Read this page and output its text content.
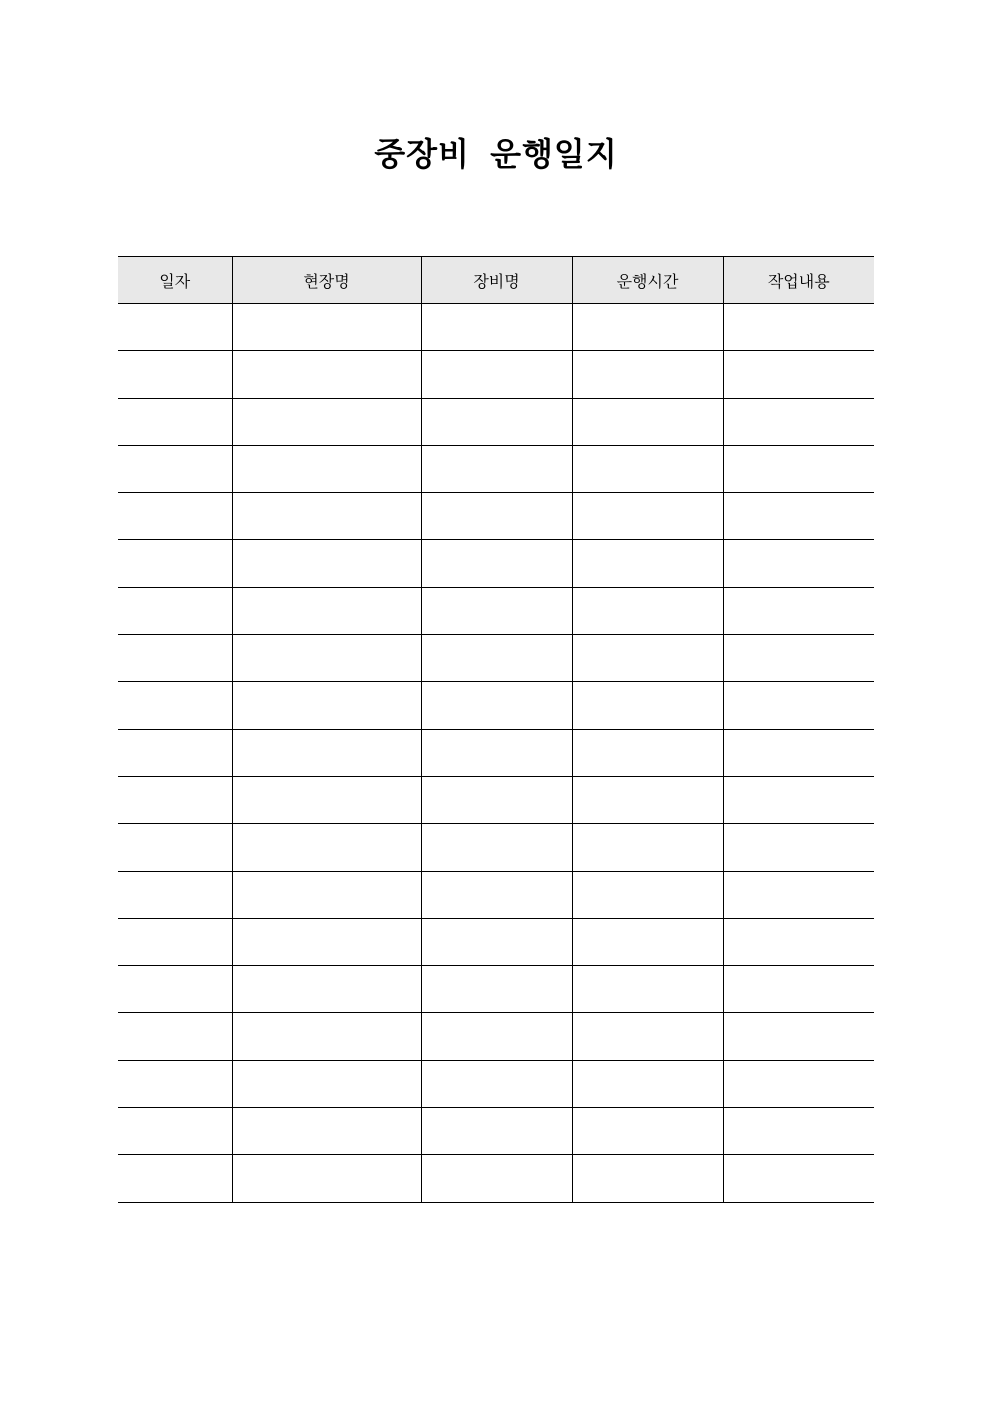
중장비 운행일지
일자	현장명	장비명	운행시간	작업내용
